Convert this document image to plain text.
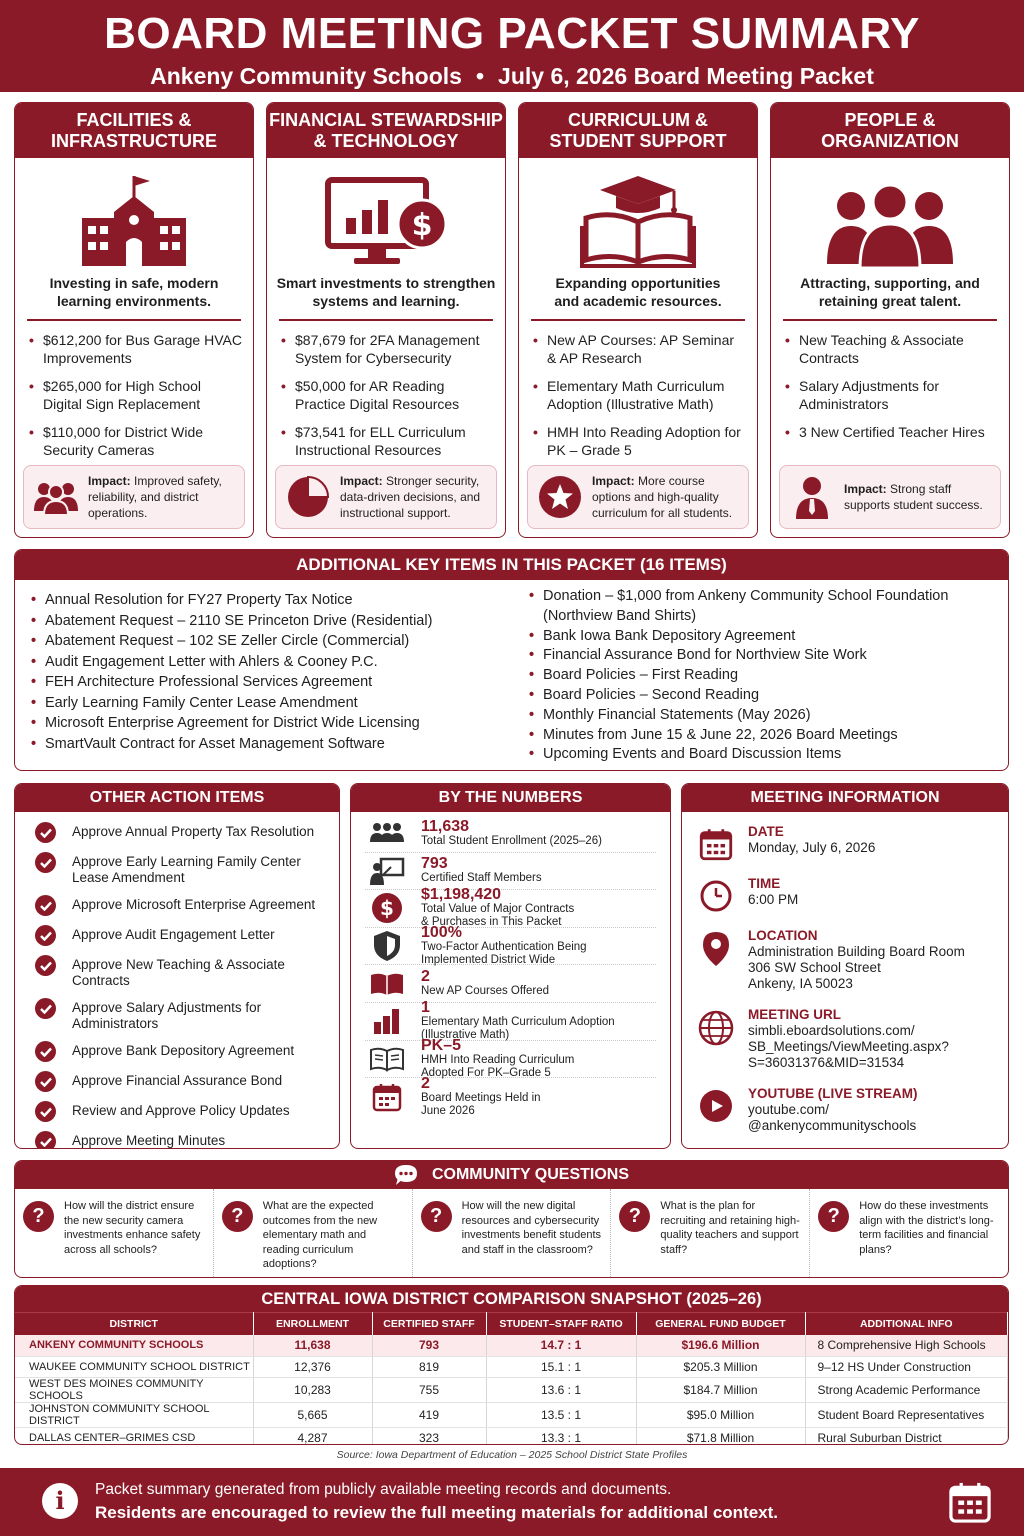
BOARD MEETING PACKET SUMMARY
Ankeny Community Schools • July 6, 2026 Board Meeting Packet
FACILITIES &
INFRASTRUCTURE
Investing in safe, modern
learning environments.
• $612,200 for Bus Garage HVAC Improvements
• $265,000 for High School Digital Sign Replacement
• $110,000 for District Wide Security Cameras
Impact: Improved safety, reliability, and district operations.
FINANCIAL STEWARDSHIP
& TECHNOLOGY
$
Smart investments to strengthen
systems and learning.
• $87,679 for 2FA Management System for Cybersecurity
• $50,000 for AR Reading Practice Digital Resources
• $73,541 for ELL Curriculum Instructional Resources
Impact: Stronger security, data-driven decisions, and instructional support.
CURRICULUM &
STUDENT SUPPORT
Expanding opportunities
and academic resources.
• New AP Courses: AP Seminar & AP Research
• Elementary Math Curriculum Adoption (Illustrative Math)
• HMH Into Reading Adoption for PK – Grade 5
Impact: More course options and high-quality curriculum for all students.
PEOPLE &
ORGANIZATION
Attracting, supporting, and
retaining great talent.
• New Teaching & Associate Contracts
• Salary Adjustments for Administrators
• 3 New Certified Teacher Hires
Impact: Strong staff supports student success.
ADDITIONAL KEY ITEMS IN THIS PACKET (16 ITEMS)
• Annual Resolution for FY27 Property Tax Notice
• Abatement Request – 2110 SE Princeton Drive (Residential)
• Abatement Request – 102 SE Zeller Circle (Commercial)
• Audit Engagement Letter with Ahlers & Cooney P.C.
• FEH Architecture Professional Services Agreement
• Early Learning Family Center Lease Amendment
• Microsoft Enterprise Agreement for District Wide Licensing
• SmartVault Contract for Asset Management Software
• Donation – $1,000 from Ankeny Community School Foundation (Northview Band Shirts)
• Bank Iowa Bank Depository Agreement
• Financial Assurance Bond for Northview Site Work
• Board Policies – First Reading
• Board Policies – Second Reading
• Monthly Financial Statements (May 2026)
• Minutes from June 15 & June 22, 2026 Board Meetings
• Upcoming Events and Board Discussion Items
OTHER ACTION ITEMS
Approve Annual Property Tax Resolution
Approve Early Learning Family Center Lease Amendment
Approve Microsoft Enterprise Agreement
Approve Audit Engagement Letter
Approve New Teaching & Associate Contracts
Approve Salary Adjustments for Administrators
Approve Bank Depository Agreement
Approve Financial Assurance Bond
Review and Approve Policy Updates
Approve Meeting Minutes
BY THE NUMBERS
11,638
Total Student Enrollment (2025–26)
793
Certified Staff Members
$
$1,198,420
Total Value of Major Contracts
& Purchases in This Packet
100%
Two-Factor Authentication Being
Implemented District Wide
2
New AP Courses Offered
1
Elementary Math Curriculum Adoption
(Illustrative Math)
PK–5
HMH Into Reading Curriculum
Adopted For PK–Grade 5
2
Board Meetings Held in
June 2026
MEETING INFORMATION
DATE
Monday, July 6, 2026
TIME
6:00 PM
LOCATION
Administration Building Board Room
306 SW School Street
Ankeny, IA 50023
MEETING URL
simbli.eboardsolutions.com/
SB_Meetings/ViewMeeting.aspx?
S=36031376&MID=31534
YOUTUBE (LIVE STREAM)
youtube.com/
@ankenycommunityschools
COMMUNITY QUESTIONS
?	How will the district ensure the new security camera investments enhance safety across all schools?
?	What are the expected outcomes from the new elementary math and reading curriculum adoptions?
?	How will the new digital resources and cybersecurity investments benefit students and staff in the classroom?
?	What is the plan for recruiting and retaining high-quality teachers and support staff?
?	How do these investments align with the district’s long-term facilities and financial plans?
CENTRAL IOWA DISTRICT COMPARISON SNAPSHOT (2025–26)
DISTRICT	ENROLLMENT	CERTIFIED STAFF	STUDENT–STAFF RATIO	GENERAL FUND BUDGET	ADDITIONAL INFO
ANKENY COMMUNITY SCHOOLS	11,638	793	14.7 : 1	$196.6 Million	8 Comprehensive High Schools
WAUKEE COMMUNITY SCHOOL DISTRICT	12,376	819	15.1 : 1	$205.3 Million	9–12 HS Under Construction
WEST DES MOINES COMMUNITY SCHOOLS	10,283	755	13.6 : 1	$184.7 Million	Strong Academic Performance
JOHNSTON COMMUNITY SCHOOL DISTRICT	5,665	419	13.5 : 1	$95.0 Million	Student Board Representatives
DALLAS CENTER–GRIMES CSD	4,287	323	13.3 : 1	$71.8 Million	Rural Suburban District
Source: Iowa Department of Education – 2025 School District State Profiles
i	Packet summary generated from publicly available meeting records and documents.
Residents are encouraged to review the full meeting materials for additional context.
